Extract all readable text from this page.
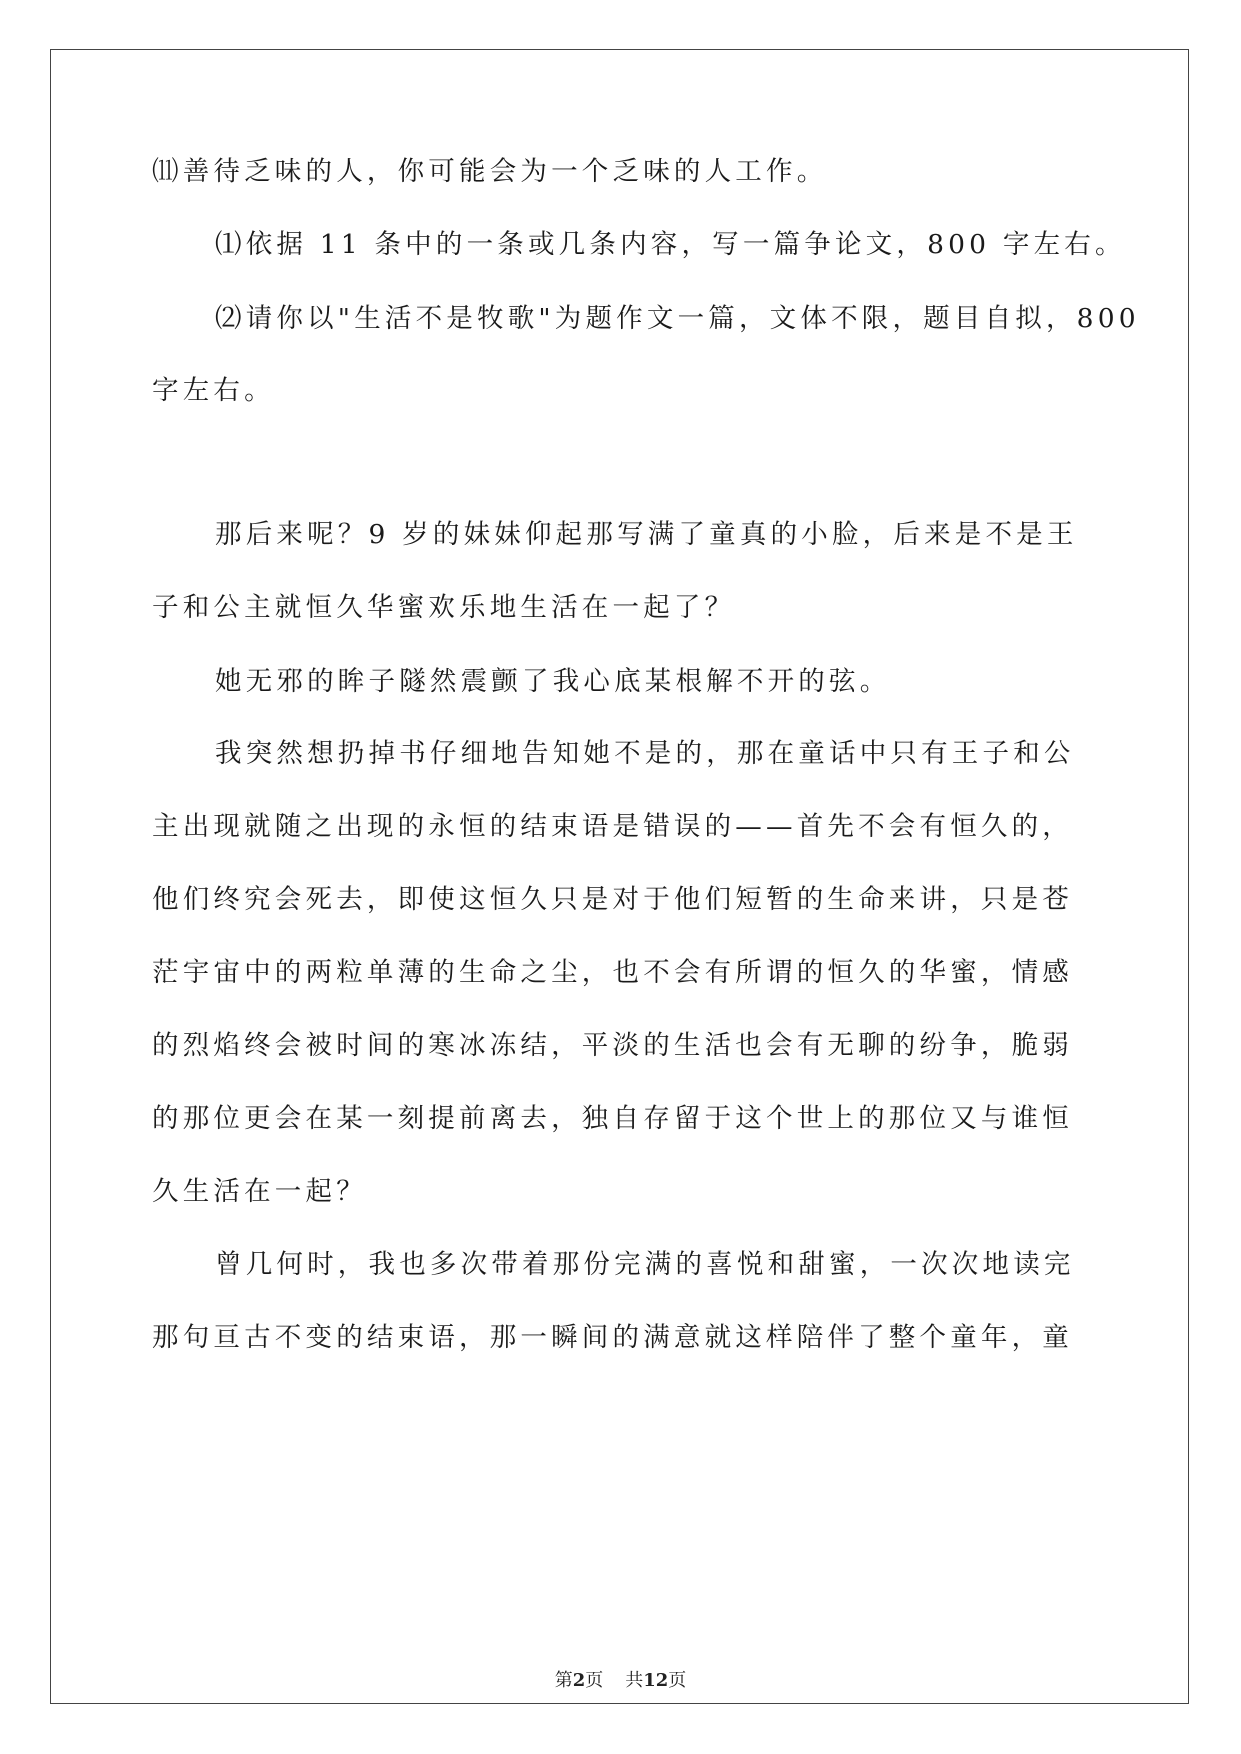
⑾善待乏味的人，你可能会为一个乏味的人工作。
⑴依据 11 条中的一条或几条内容，写一篇争论文，800 字左右。
⑵请你以"生活不是牧歌"为题作文一篇，文体不限，题目自拟，800
字左右。
那后来呢？9 岁的妹妹仰起那写满了童真的小脸，后来是不是王
子和公主就恒久华蜜欢乐地生活在一起了？
她无邪的眸子隧然震颤了我心底某根解不开的弦。
我突然想扔掉书仔细地告知她不是的，那在童话中只有王子和公
主出现就随之出现的永恒的结束语是错误的——首先不会有恒久的，
他们终究会死去，即使这恒久只是对于他们短暂的生命来讲，只是苍
茫宇宙中的两粒单薄的生命之尘，也不会有所谓的恒久的华蜜，情感
的烈焰终会被时间的寒冰冻结，平淡的生活也会有无聊的纷争，脆弱
的那位更会在某一刻提前离去，独自存留于这个世上的那位又与谁恒
久生活在一起？
曾几何时，我也多次带着那份完满的喜悦和甜蜜，一次次地读完
那句亘古不变的结束语，那一瞬间的满意就这样陪伴了整个童年，童
第2页 共12页
